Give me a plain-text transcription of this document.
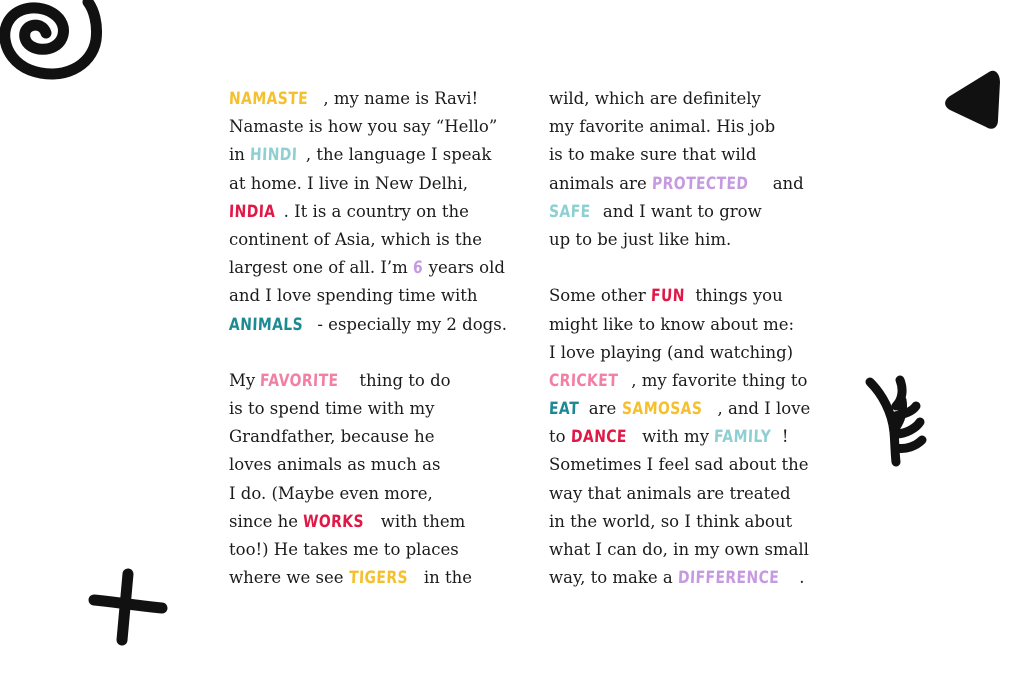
NAMASTE , my name is Ravi!
Namaste is how you say “Hello”
in HINDI , the language I speak
at home. I live in New Delhi,
INDIA . It is a country on the
continent of Asia, which is the
largest one of all. I’m 6 years old
and I love spending time with
ANIMALS - especially my 2 dogs.
My FAVORITE thing to do
is to spend time with my
Grandfather, because he
loves animals as much as
I do. (Maybe even more,
since he WORKS with them
too!) He takes me to places
where we see TIGERS in the
wild, which are definitely
my favorite animal. His job
is to make sure that wild
animals are PROTECTED and
SAFE and I want to grow
up to be just like him.
Some other FUN things you
might like to know about me:
I love playing (and watching)
CRICKET , my favorite thing to
EAT are SAMOSAS , and I love
to DANCE with my FAMILY !
Sometimes I feel sad about the
way that animals are treated
in the world, so I think about
what I can do, in my own small
way, to make a DIFFERENCE .
